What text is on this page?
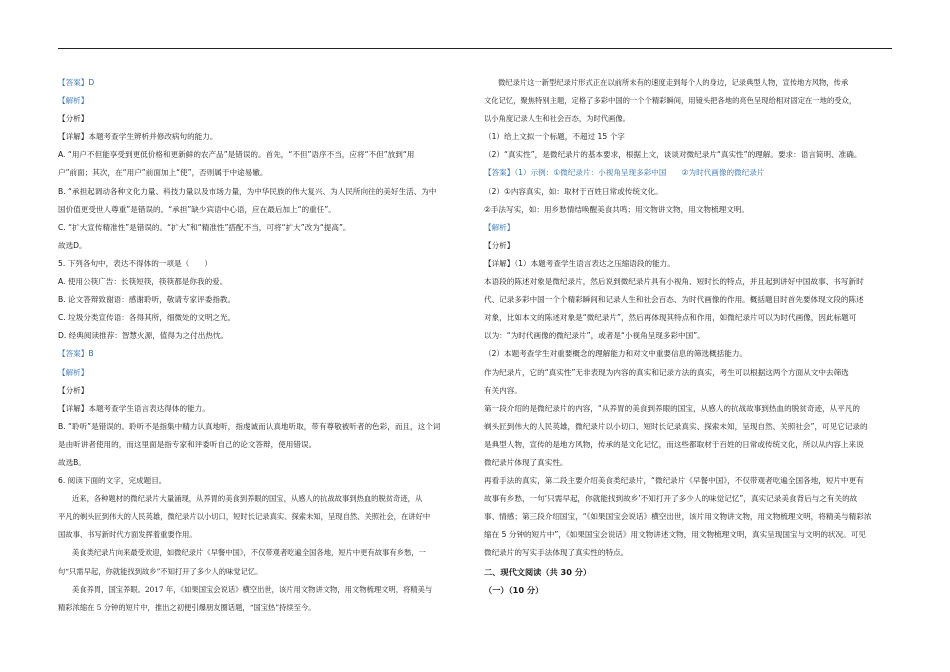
【答案】D

【解析】

【分析】

【详解】本题考查学生辨析并修改病句的能力。

A. “用户不但能享受到更低价格和更新鲜的农产品”是错误的。首先，“不但”语序不当，应将“不但”放到“用

户”前面；其次，在“用户”前面加上“使”，否则属于中途易辙。

B. “承担起调动各种文化力量、科技力量以及市场力量，为中华民族的伟大复兴、为人民所向往的美好生活、为中

国价值更受世人尊重”是错误的。“承担”缺少宾语中心语，应在最后加上“的重任”。

C. “扩大宣传精准性”是错误的。“扩大”和“精准性”搭配不当，可将“扩大”改为“提高”。

故选D。

5. 下列各句中，表达不得体的一项是（　　）

A. 使用公筷广告：长筷短筷，筷筷都是你我的爱。

B. 论文答辩致谢语：感谢聆听，敬请专家评委指教。

C. 垃圾分类宣传语：各得其所，细微处的文明之光。

D. 经典阅读推荐：智慧火源，值得为之付出热忱。

【答案】B

【解析】

【分析】

【详解】本题考查学生语言表达得体的能力。

B. “聆听”是错误的。聆听不是指集中精力认真地听，指虔诚而认真地听取，带有尊敬被听者的色彩，而且，这个词

是由听讲者使用的，而这里面是指专家和评委听自己的论文答辩，使用错误。

故选B。

6. 阅读下面的文字，完成题目。

近来，各种题材的微纪录片大量涌现，从养胃的美食到养眼的国宝，从感人的抗战故事到热血的脱贫奇迹，从

平凡的剃头匠到伟大的人民英雄，微纪录片以小切口，短时长记录真实、探索未知，呈现自然、关照社会，在讲好中

国故事、书写新时代方面发挥着重要作用。

美食类纪录片向来最受欢迎，如微纪录片《早餐中国》，不仅带观者吃遍全国各地，短片中更有故事有乡愁，一

句“只需早起，你就能找到故乡”不知打开了多少人的味觉记忆。

美食养胃，国宝养眼。2017 年，《如果国宝会说话》横空出世，该片用文物讲文物，用文物梳理文明，将精美与

精彩浓缩在 5 分钟的短片中，推出之初便引爆朋友圈话题，“国宝热”持续至今。

微纪录片这一新型纪录片形式正在以前所未有的速度走到每个人的身边，记录典型人物，宣传地方风物，传承

文化记忆，聚焦特别主题，定格了多彩中国的一个个精彩瞬间，用镜头把各地的亮色呈现给相对固定在一地的受众，

以小角度记录人生和社会百态，为时代画像。

（1）给上文拟一个标题，不超过 15 个字

（2）“真实性”，是微纪录片的基本要求，根据上文，谈谈对微纪录片“真实性”的理解。要求：语言简明、准确。

【答案】（1）示例：①微纪录片：小视角呈现多彩中国　　②为时代画像的微纪录片

（2）①内容真实，如：取材于百姓日常或传统文化。

②手法写实，如：用乡愁情结唤醒美食共鸣；用文物讲文物，用文物梳理文明。

【解析】

【分析】

【详解】（1）本题考查学生语言表达之压缩语段的能力。

本语段的陈述对象是微纪录片，然后说到微纪录片具有小视角、短时长的特点，并且起到讲好中国故事、书写新时

代、记录多彩中国一个个精彩瞬间和记录人生和社会百态、为时代画像的作用。概括题目时首先要体现文段的陈述

对象，比如本文的陈述对象是“微纪录片”，然后再体现其特点和作用，如微纪录片可以为时代画像，因此标题可

以为：“为时代画像的微纪录片”，或者是“小视角呈现多彩中国”。

（2）本题考查学生对重要概念的理解能力和对文中重要信息的筛选概括能力。

作为纪录片，它的“真实性”无非表现为内容的真实和记录方法的真实，考生可以根据这两个方面从文中去筛选

有关内容。

第一段介绍的是微纪录片的内容，“从养胃的美食到养眼的国宝，从感人的抗战故事到热血的脱贫奇迹，从平凡的

剃头匠到伟大的人民英雄，微纪录片以小切口、短时长记录真实、探索未知，呈现自然、关照社会”，可见它记录的

是典型人物，宣传的是地方风物，传承的是文化记忆，而这些都取材于百姓的日常或传统文化，所以从内容上来说

微纪录片体现了真实性。

再看手法的真实，第二段主要介绍美食类纪录片，“微纪录片《早餐中国》，不仅带观者吃遍全国各地，短片中更有

故事有乡愁，一句‘只需早起，你就能找到故乡’不知打开了多少人的味觉记忆”，真实记录美食背后与之有关的故

事、情感；第三段介绍国宝，“《如果国宝会说话》横空出世，该片用文物讲文物，用文物梳理文明，将精美与精彩浓

缩在 5 分钟的短片中”，《如果国宝会说话》用文物讲述文物，用文物梳理文明，真实呈现国宝与文明的状况。可见

微纪录片的写实手法体现了真实性的特点。

二、现代文阅读（共 30 分）

（一）（10 分）
